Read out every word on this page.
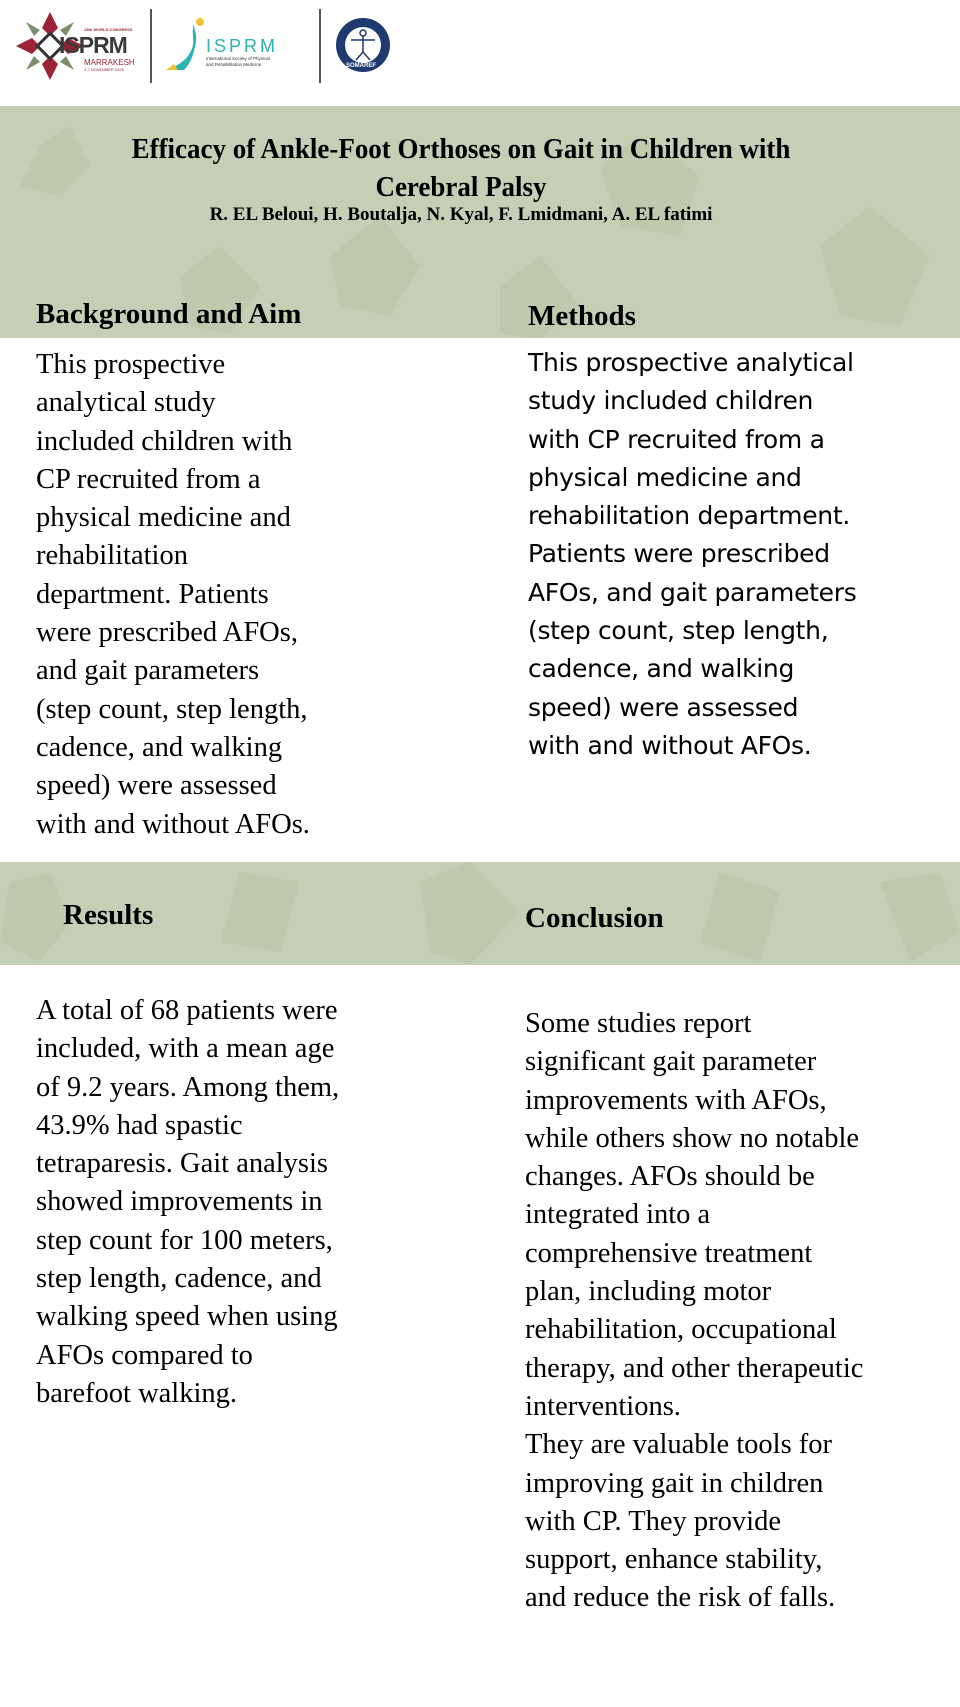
15th WORLD CONGRESS
ISPRM
MARRAKESH
3-7 NOVEMBER 2025
ISPRM
International Society of Physical
and Rehabilitation Medicine	SOMAREF
Efficacy of Ankle-Foot Orthoses on Gait in Children with
Cerebral Palsy
R. EL Beloui, H. Boutalja, N. Kyal, F. Lmidmani, A. EL fatimi
Background and Aim	Methods
This prospective
analytical study
included children with
CP recruited from a
physical medicine and
rehabilitation
department. Patients
were prescribed AFOs,
and gait parameters
(step count, step length,
cadence, and walking
speed) were assessed
with and without AFOs.
This prospective analytical
study included children
with CP recruited from a
physical medicine and
rehabilitation department.
Patients were prescribed
AFOs, and gait parameters
(step count, step length,
cadence, and walking
speed) were assessed
with and without AFOs.
Results	Conclusion
A total of 68 patients were
included, with a mean age
of 9.2 years. Among them,
43.9% had spastic
tetraparesis. Gait analysis
showed improvements in
step count for 100 meters,
step length, cadence, and
walking speed when using
AFOs compared to
barefoot walking.
Some studies report
significant gait parameter
improvements with AFOs,
while others show no notable
changes. AFOs should be
integrated into a
comprehensive treatment
plan, including motor
rehabilitation, occupational
therapy, and other therapeutic
interventions.
They are valuable tools for
improving gait in children
with CP. They provide
support, enhance stability,
and reduce the risk of falls.
